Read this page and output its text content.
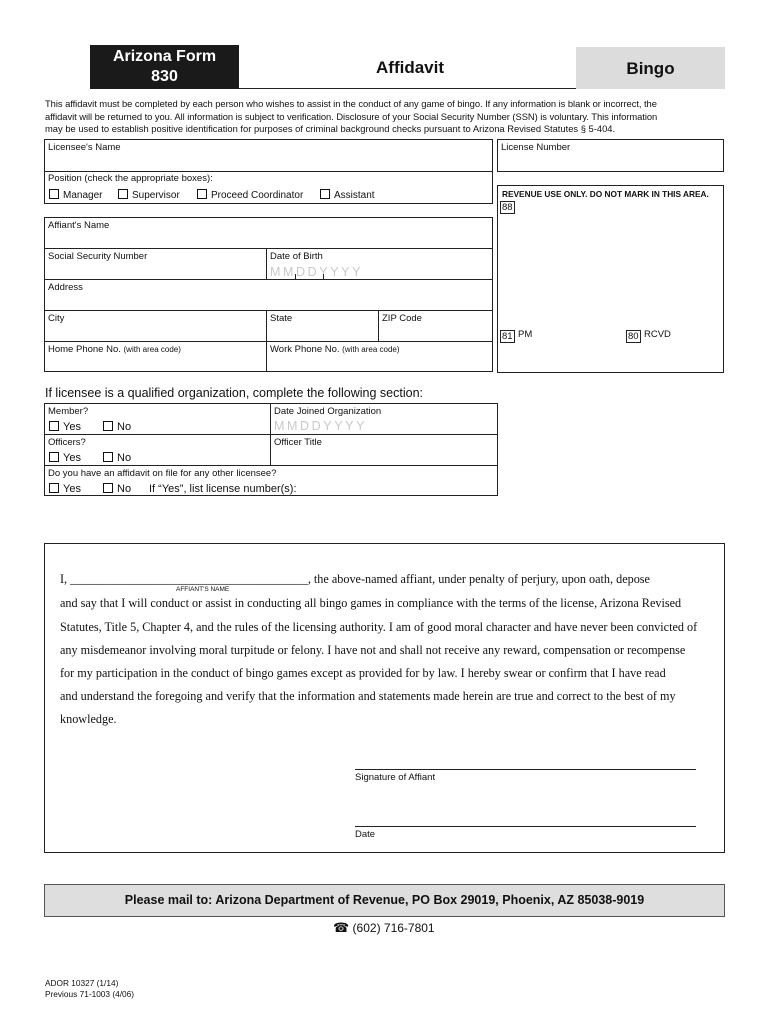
Arizona Form
830	Affidavit	Bingo
This affidavit must be completed by each person who wishes to assist in the conduct of any game of bingo. If any information is blank or incorrect, the
affidavit will be returned to you. All information is subject to verification. Disclosure of your Social Security Number (SSN) is voluntary. This information
may be used to establish positive identification for purposes of criminal background checks pursuant to Arizona Revised Statutes § 5-404.
Licensee's Name	License Number
Position (check the appropriate boxes):
Manager	Supervisor	Proceed Coordinator	Assistant	REVENUE USE ONLY. DO NOT MARK IN THIS AREA.
88
81 PM	80 RCVD
Affiant's Name
Social Security Number	Date of Birth
MMDDYYYY
Address
City	State	ZIP Code
Home Phone No. (with area code)	Work Phone No. (with area code)
If licensee is a qualified organization, complete the following section:
Member?
Yes	No
Date Joined Organization
MMDDYYYY
Officers?
Yes	No
Officer Title
Do you have an affidavit on file for any other licensee?
Yes	No If “Yes”, list license number(s):
I, _______________________________________, the above-named affiant, under penalty of perjury, upon oath, depose
AFFIANT'S NAME
and say that I will conduct or assist in conducting all bingo games in compliance with the terms of the license, Arizona Revised
Statutes, Title 5, Chapter 4, and the rules of the licensing authority. I am of good moral character and have never been convicted of
any misdemeanor involving moral turpitude or felony. I have not and shall not receive any reward, compensation or recompense
for my participation in the conduct of bingo games except as provided for by law. I hereby swear or confirm that I have read
and understand the foregoing and verify that the information and statements made herein are true and correct to the best of my
knowledge.
Signature of Affiant
Date
Please mail to: Arizona Department of Revenue, PO Box 29019, Phoenix, AZ 85038-9019
☎ (602) 716-7801
ADOR 10327 (1/14)
Previous 71-1003 (4/06)
